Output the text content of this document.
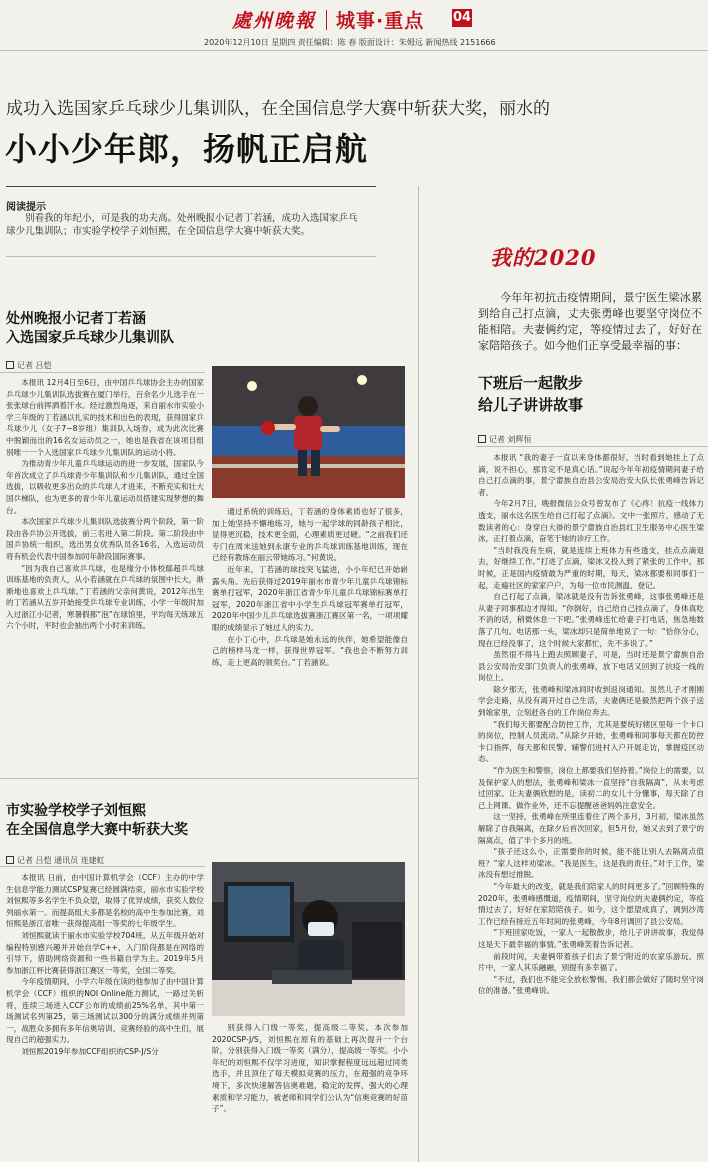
處州晚報 城事·重点 04
2020年12月10日 星期四 责任编辑：陈 春 版面设计：朱姆远 新闻热线 2151666
成功入选国家乒乓球少儿集训队，在全国信息学大赛中斩获大奖，丽水的
小小少年郎，扬帆正启航
阅读提示
别看我的年纪小，可是我的功夫高。处州晚报小记者丁若涵，成功入选国家乒乓球少儿集训队；市实验学校学子刘恒熙，在全国信息学大赛中斩获大奖。
处州晚报小记者丁若涵
入选国家乒乓球少儿集训队
记者 吕恺

本报讯 12月4日至6日，由中国乒乓球协会主办的国家乒乓球少儿集训队选拔赛在厦门举行，百余名少儿选手在一张张球台前挥洒着汗水。经过激烈角逐，来自丽水市实验小学三年级的丁若涵以扎实的技术和出色的表现，获得国家乒乓球少儿（女子7~8岁组）集训队入场券，成为此次比赛中脱颖而出的16名女运动员之一，她也是我省在该项目组别唯一一个入选国家乒乓球少儿集训队的运动小将。

为推动青少年儿童乒乓球运动的进一步发展，国家队今年首次成立了乒乓球青少年集训队和少儿集训队，通过全国选拔，以吸收更多出众的乒乓球人才进来，不断充实和壮大国乒梯队，也为更多的青少年儿童运动员搭建实现梦想的舞台。

本次国家乒乓球少儿集训队选拔赛分两个阶段，第一阶段由各乒协公开选拔，前三名进入第二阶段。第二阶段由中国乒协统一组织，选出男女优秀队员各16名，入选运动员将有机会代表中国参加同年龄段国际赛事。

“因为我自己喜欢乒乓球，也是缘分小体校鄢超乒乓球训练基地的负责人，从小若涵就在乒乓球的氛围中长大，渐渐地也喜欢上乒乓球。”丁若涵的父亲何黄说，2012年出生的丁若涵从五岁开始接受乒乓球专业训练，小学一年级时加入过浙江小记者，寒暑假都“泡”在球馆里，平均每天练球五六个小时，平时也会抽出两个小时来训练。

通过系统的训练后，丁若涵的身体素质也好了很多，加上她坚持不懈地练习，她与一起学球的同龄孩子相比，显得更沉稳，技术更全面，心理素质更过硬。“之前我们还专门在周末送她到永康专业的乒乓球训练基地训练，现在已经有教练在丽云带她练习。”何黄说。

近年来，丁若涵的球技突飞猛进，小小年纪已开始崭露头角。先后获得过2019年丽水市青少年儿童乒乓球锦标赛单打冠军，2020年浙江省青少年儿童乒乓球锦标赛单打冠军，2020年浙江省中小学生乒乓球冠军赛单打冠军，2020年中国少儿乒乓球选拔赛浙江赛区第一名，一项项耀眼的成绩显示了她过人的实力。

在小丁心中，乒乓球是她永远的伙伴，她希望能像自己的榜样马龙一样，获得世界冠军。“我也会不断努力训练，走上更高的领奖台。”丁若涵说。

市实验学校学子刘恒熙
在全国信息学大赛中斩获大奖
记者 吕恺 通讯员 连建虹

本报讯 日前，由中国计算机学会（CCF）主办的中学生信息学能力测试CSP复赛已经圆满结束，丽水市实验学校刘恒熙等多名学生不负众望，取得了优异成绩，获奖人数位列丽水第一。而提高组大多都是名校的高中生参加比赛，刘恒熙是浙江省唯一获得提高组一等奖的七年级学生。

刘恒熙就读于丽水市实验学校704班，从五年级开始对编程特别感兴趣并开始自学C++，入门阶段都是在网络的引导下，借助网络资源和一些书籍自学为主。2019年5月参加浙江杯比赛获得浙江赛区一等奖，全国二等奖。

今年疫情期间，小学六年级在读的他参加了由中国计算机学会（CCF）组织的NOI Online能力测试，一路过关斩将，连续三场进入CCF公布的成绩前25%名单，其中第一场测试名列第25，第三场测试以300分的满分成绩并列第一，战胜众多拥有多年信奥培训、竞赛经验的高中生们，展现自己的超强实力。

刘恒熙2019年参加CCF组织的CSP-J/S分

别获得入门级一等奖，提高级二等奖。本次参加2020CSP-J/S，刘恒熙在原有的基础上再次提升一个台阶，分别获得入门级一等奖（满分），提高级一等奖。小小年纪的刘恒熙不仅学习进度，知识掌握程度远远超过同类选手，并且顶住了每天模拟竞赛的压力，在超强的竞争环境下，多次快速解答信奥难题，稳定的发挥，强大的心理素质和学习能力，被老师和同学们公认为“信奥竞赛的好苗子”。

我的2020
今年年初抗击疫情期间，景宁医生梁冰累到给自己打点滴，丈夫张勇峰也要坚守岗位不能相陪。夫妻俩约定，等疫情过去了，好好在家陪陪孩子。如今他们正享受最幸福的事：
下班后一起散步
给儿子讲讲故事
记者 刘辉恒

本报讯 “我的妻子一直以来身体都很好，当时看到她挂上了点滴，说不担心，那肯定不是真心话。”说起今年年初疫情期间妻子给自己打点滴的事，景宁畲族自治县公安局治安大队长张勇峰告诉记者。

今年2月7日，晚报微信公众号曾发布了《心疼！抗疫一线体力透支，丽水这名医生给自己打起了点滴》。文中一张照片，感动了无数读者的心：身穿白大褂的景宁畲族自治县红卫生服务中心医生梁冰，正打着点滴，奋笔于她的诊疗工作。

“当时我没有生病，就是连续上班体力有些透支，挂点点滴退去，好继续工作。”打进了点滴，梁冰又投入到了紧张的工作中。那时候，正是国内疫情最为严重的时期，每天，梁冰都要和同事们一起，走遍社区的家家户户，为每一位市民测温、登记。

自己打起了点滴，梁冰就是没有告诉张勇峰，这事张勇峰还是从妻子同事那边才得知。“你倒好，自己给自己挂点滴了，身体真吃不消的话，稍微休息一下吧。”张勇峰连忙给妻子打电话，焦急地数落了几句。电话那一头，梁冰却只是简单地说了一句：“恰你分心，现在已经没事了，这个时候大家都忙，先不多说了。”

虽然很不得马上跑去照顾妻子，可是，当时还是景宁畲族自治县公安局治安部门负责人的张勇峰，放下电话又回到了抗疫一线的岗位上。

除夕那天，张勇峰和梁冰同时收到返岗通知。虽然儿子才刚刚学会走路，从没有离开过自己生活，夫妻俩还是毅然把两个孩子送到娘家里，立刻赶各自的工作岗位奔去。

“我们每天都要配合防控工作，尤其是要统好辖区里每一个卡口的岗位，控制人员流动。”从除夕开始，张勇峰和同事每天都在防控卡口指挥，每天都和民警、辅警们进村入户开展走访，掌握疫区动态。

“作为医生和警察，岗位上都要我们坚持着。”岗位上的需要，以及保护家人的想法，张勇峰和梁冰一直坚持“自我隔离”，从未考虑过回家。让夫妻俩欣慰的是，读初二的女儿十分懂事，每天除了自己上网课、做作业外，还不忘提醒爸爸妈妈注意安全。

这一坚持，张勇峰在所里连着住了两个多月，3月初，梁冰虽然解除了自我隔离，在除夕后首次回家，但5月份，她又去到了景宁的隔离点，值了半个多月的班。

“孩子还这么小，正需要你的时候，能不能让别人去隔离点值班？”家人这样劝梁冰。“我是医生，这是我的责任。”对于工作，梁冰没有想过推脱。

“今年最大的改变，就是我们陪家人的时间更多了。”回顾特殊的2020年，张勇峰感慨道，疫情期间，坚守岗位的夫妻俩约定，等疫情过去了，好好在家陪陪孩子。如今，这个愿望成真了，调到沙湾工作已经有接近五年时间的张勇峰，今年8月调回了县公安局。

“下班回家吃饭，一家人一起散散步，给儿子讲讲故事，我觉得这是天下最幸福的事情。”张勇峰笑着告诉记者。

前段时间，夫妻俩带着孩子们去了景宁附近的农家乐游玩。照片中，一家人其乐融融，别提有多幸福了。

“不过，我们也不能完全放松警惕。我们都会做好了随时坚守岗位的准备。”张勇峰说。
